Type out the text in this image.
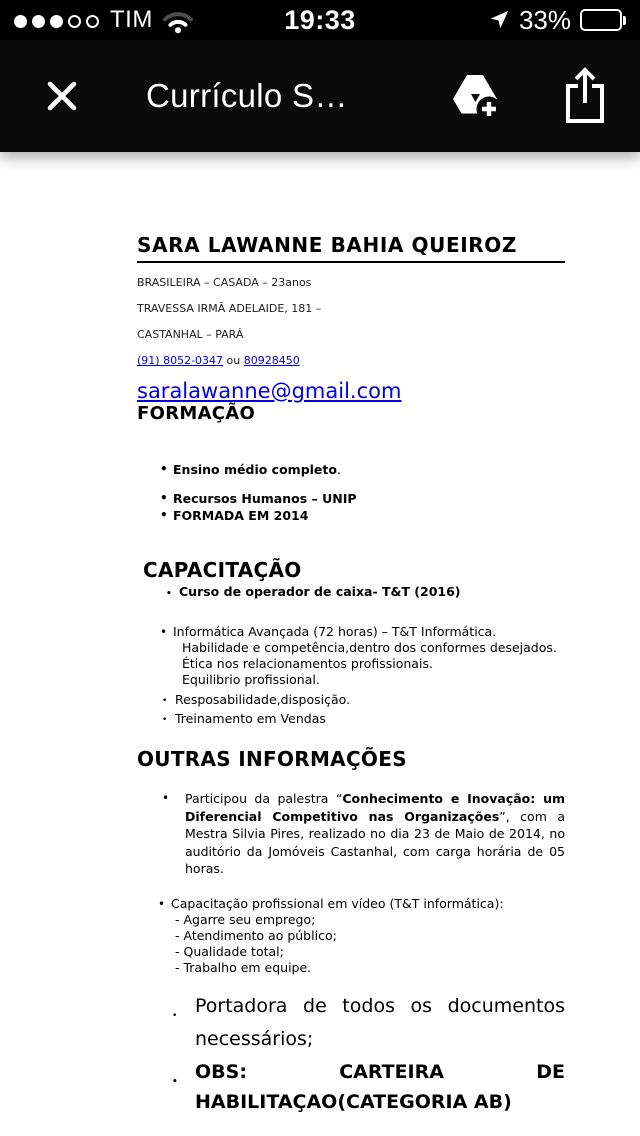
TIM	19:33	33%
Currículo S…
SARA LAWANNE BAHIA QUEIROZ
BRASILEIRA – CASADA – 23anos
TRAVESSA IRMÃ ADELAIDE, 181 –
CASTANHAL – PARÁ
(91) 8052-0347 ou 80928450
saralawanne@gmail.com
FORMAÇÃO
• Ensino médio completo.
• Recursos Humanos – UNIP
• FORMADA EM 2014
CAPACITAÇÃO
• Curso de operador de caixa- T&T (2016)
• Informática Avançada (72 horas) – T&T Informática.
Habilidade e competência,dentro dos conformes desejados.
Ética nos relacionamentos profissionais.
Equilibrio profissional.
• Resposabilidade,disposição.
• Treinamento em Vendas
OUTRAS INFORMAÇÕES
•	Participou da palestra “Conhecimento e Inovação: um Diferencial Competitivo nas Organizações”, com a Mestra Silvia Pires, realizado no dia 23 de Maio de 2014, no auditório da Jomóveis Castanhal, com carga horária de 05 horas.

• Capacitação profissional em vídeo (T&T informática):
- Agarre seu emprego;
- Atendimento ao público;
- Qualidade total;
- Trabalho em equipe.
• Portadora de todos os documentos necessários;

• OBS: CARTEIRA DE HABILITAÇAO(CATEGORIA AB)
